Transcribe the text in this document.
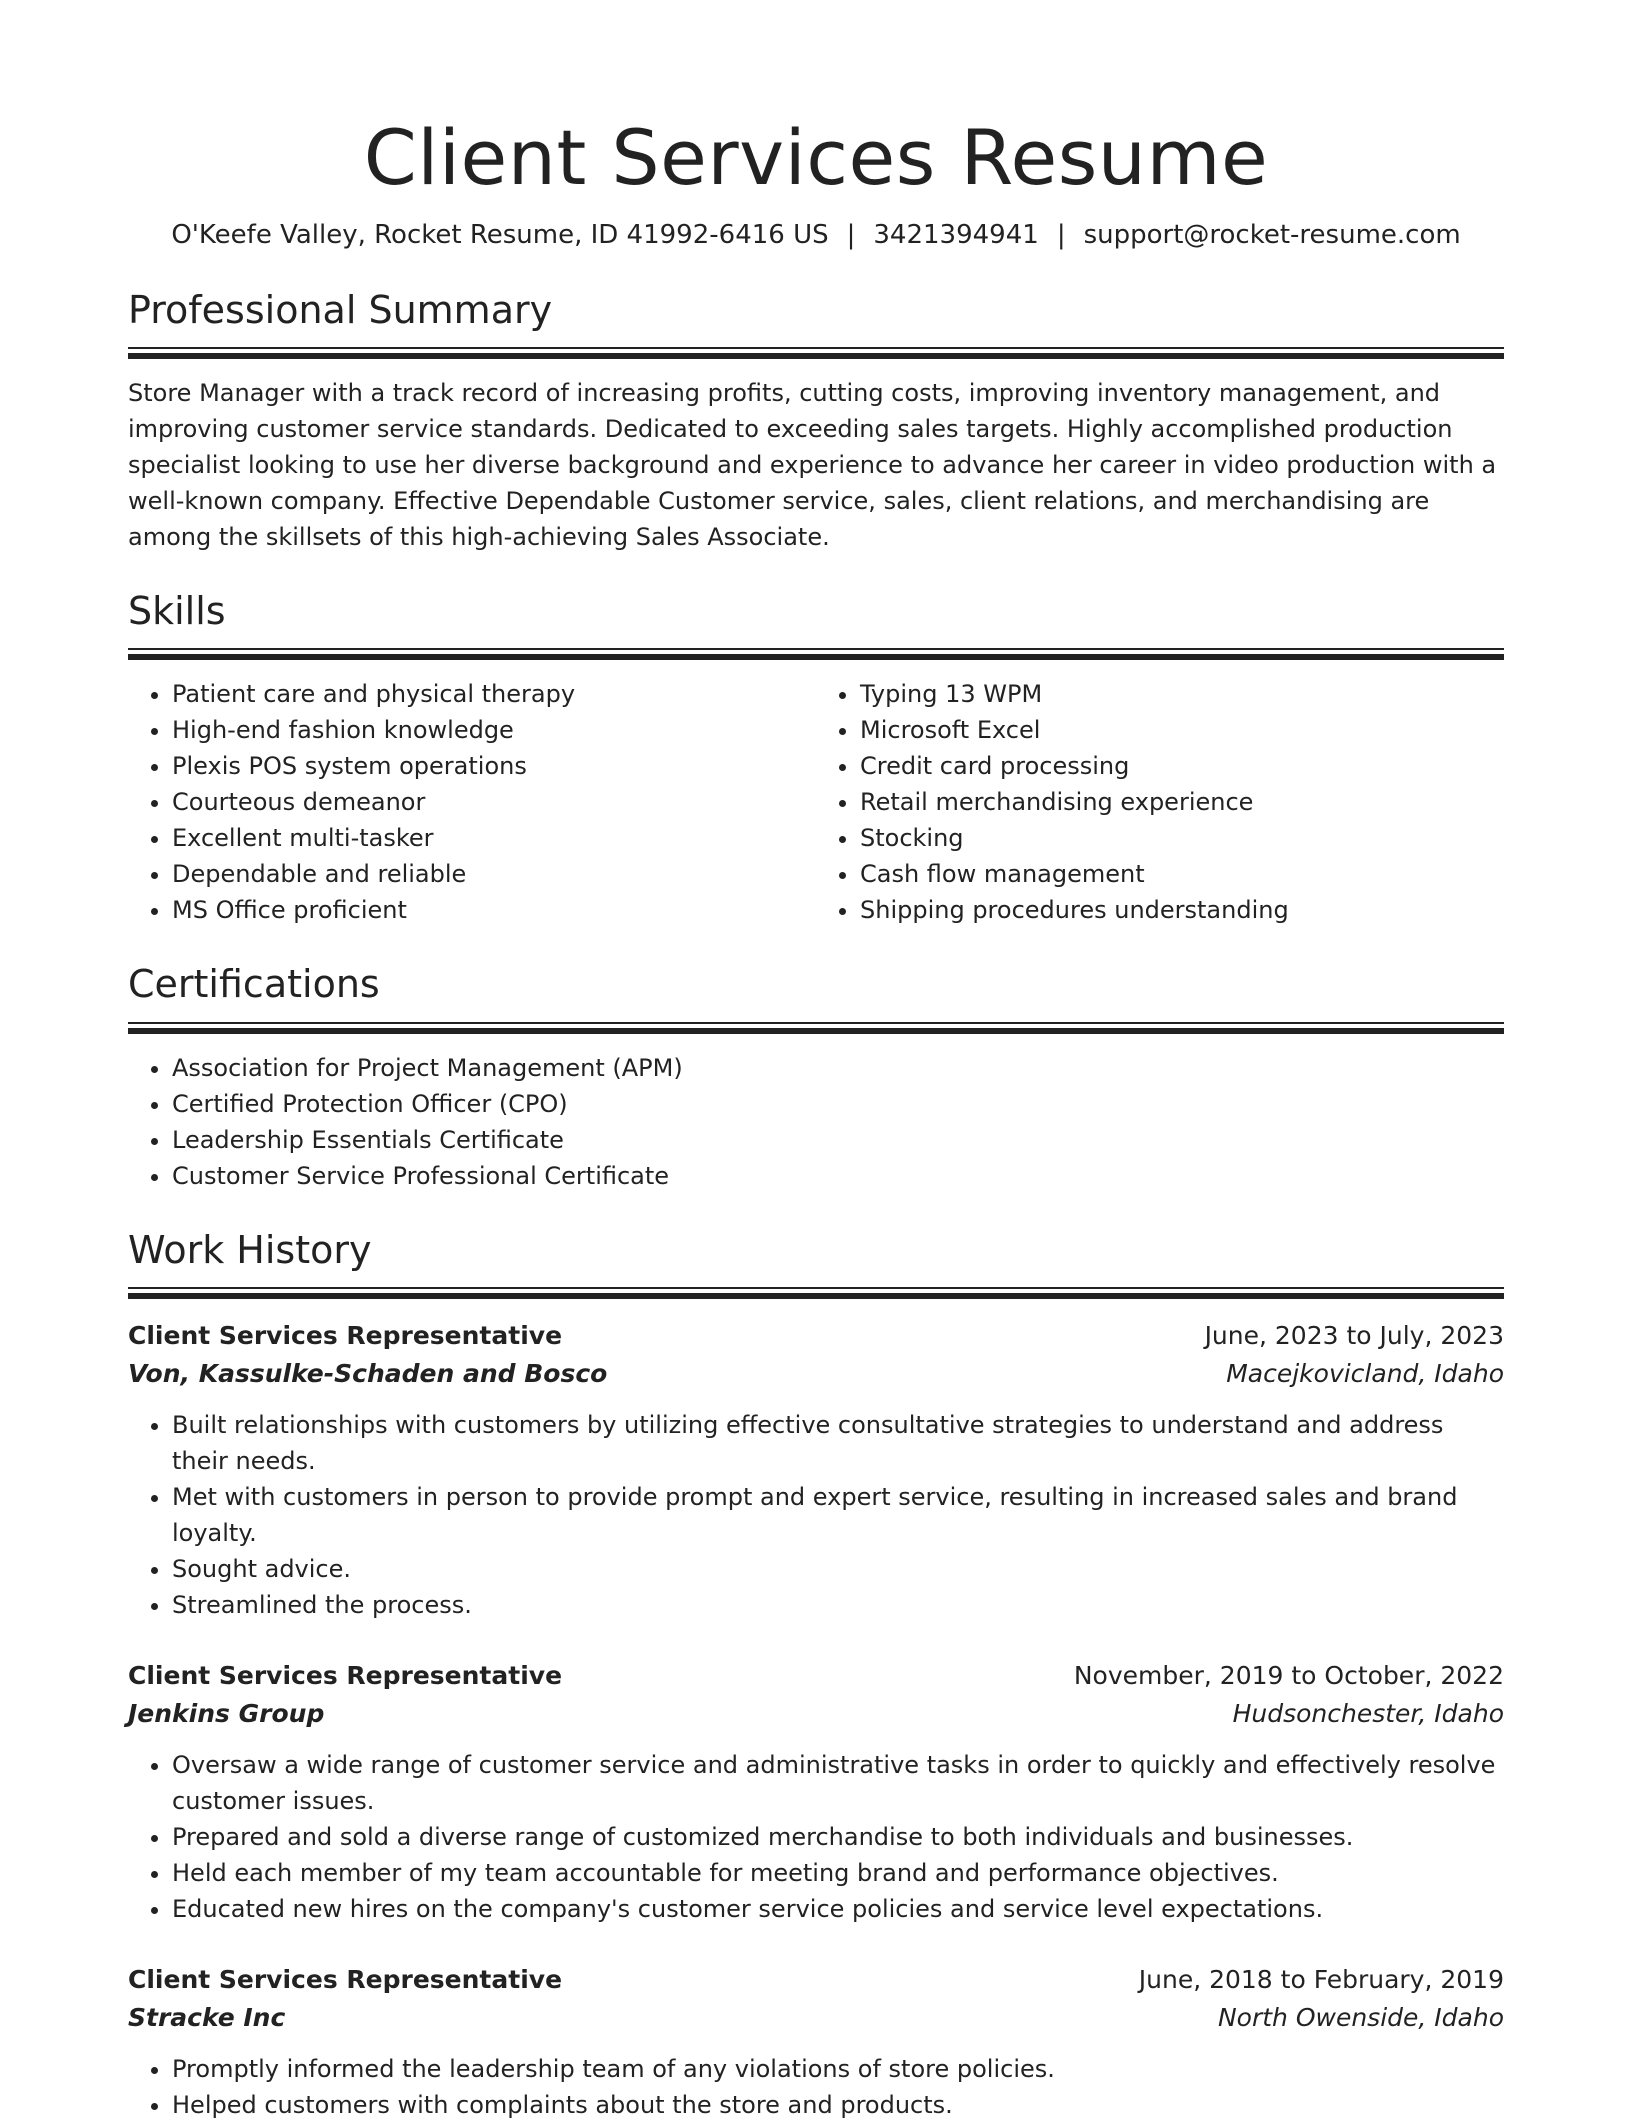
Client Services Resume
O'Keefe Valley, Rocket Resume, ID 41992-6416 US | 3421394941 | support@rocket-resume.com
Professional Summary
Store Manager with a track record of increasing profits, cutting costs, improving inventory management, and improving customer service standards. Dedicated to exceeding sales targets. Highly accomplished production specialist looking to use her diverse background and experience to advance her career in video production with a well-known company. Effective Dependable Customer service, sales, client relations, and merchandising are among the skillsets of this high-achieving Sales Associate.
Skills
• Patient care and physical therapy
• High-end fashion knowledge
• Plexis POS system operations
• Courteous demeanor
• Excellent multi-tasker
• Dependable and reliable
• MS Office proficient
• Typing 13 WPM
• Microsoft Excel
• Credit card processing
• Retail merchandising experience
• Stocking
• Cash flow management
• Shipping procedures understanding
Certifications
• Association for Project Management (APM)
• Certified Protection Officer (CPO)
• Leadership Essentials Certificate
• Customer Service Professional Certificate
Work History
Client Services Representative	June, 2023 to July, 2023
Von, Kassulke-Schaden and Bosco	Macejkovicland, Idaho
• Built relationships with customers by utilizing effective consultative strategies to understand and address their needs.
• Met with customers in person to provide prompt and expert service, resulting in increased sales and brand loyalty.
• Sought advice.
• Streamlined the process.
Client Services Representative	November, 2019 to October, 2022
Jenkins Group	Hudsonchester, Idaho
• Oversaw a wide range of customer service and administrative tasks in order to quickly and effectively resolve customer issues.
• Prepared and sold a diverse range of customized merchandise to both individuals and businesses.
• Held each member of my team accountable for meeting brand and performance objectives.
• Educated new hires on the company's customer service policies and service level expectations.
Client Services Representative	June, 2018 to February, 2019
Stracke Inc	North Owenside, Idaho
• Promptly informed the leadership team of any violations of store policies.
• Helped customers with complaints about the store and products.
